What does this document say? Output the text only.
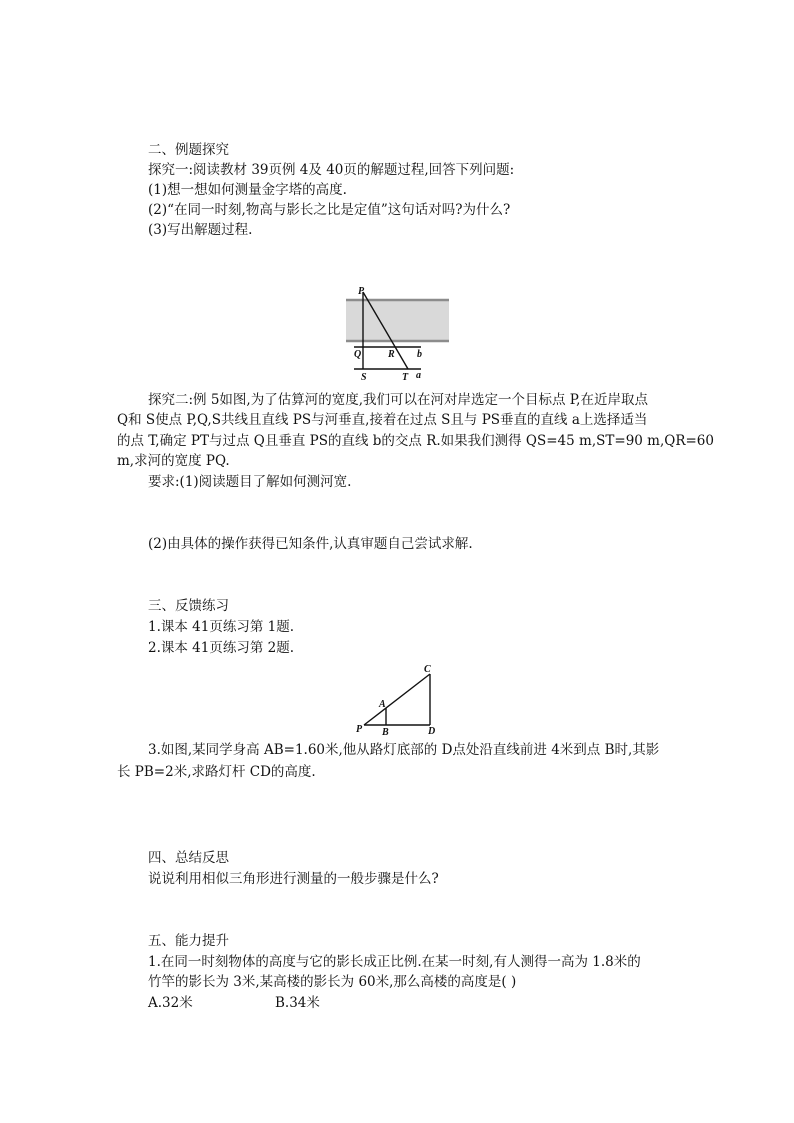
二、例题探究
探究一:阅读教材 39页例 4及 40页的解题过程,回答下列问题:
(1)想一想如何测量金字塔的高度.
(2)“在同一时刻,物高与影长之比是定值”这句话对吗?为什么?
(3)写出解题过程.
P
Q	R b
S	T a
探究二:例 5如图,为了估算河的宽度,我们可以在河对岸选定一个目标点 P,在近岸取点
Q和 S使点 P,Q,S共线且直线 PS与河垂直,接着在过点 S且与 PS垂直的直线 a上选择适当
的点 T,确定 PT与过点 Q且垂直 PS的直线 b的交点 R.如果我们测得 QS=45 m,ST=90 m,QR=60
m,求河的宽度 PQ.
要求:(1)阅读题目了解如何测河宽.
(2)由具体的操作获得已知条件,认真审题自己尝试求解.
三、反馈练习
1.课本 41页练习第 1题.
2.课本 41页练习第 2题.
C
A
P B	D
3.如图,某同学身高 AB=1.60米,他从路灯底部的 D点处沿直线前进 4米到点 B时,其影
长 PB=2米,求路灯杆 CD的高度.
四、总结反思
说说利用相似三角形进行测量的一般步骤是什么?
五、能力提升
1.在同一时刻物体的高度与它的影长成正比例.在某一时刻,有人测得一高为 1.8米的
竹竿的影长为 3米,某高楼的影长为 60米,那么高楼的高度是( )
A.32米	B.34米
